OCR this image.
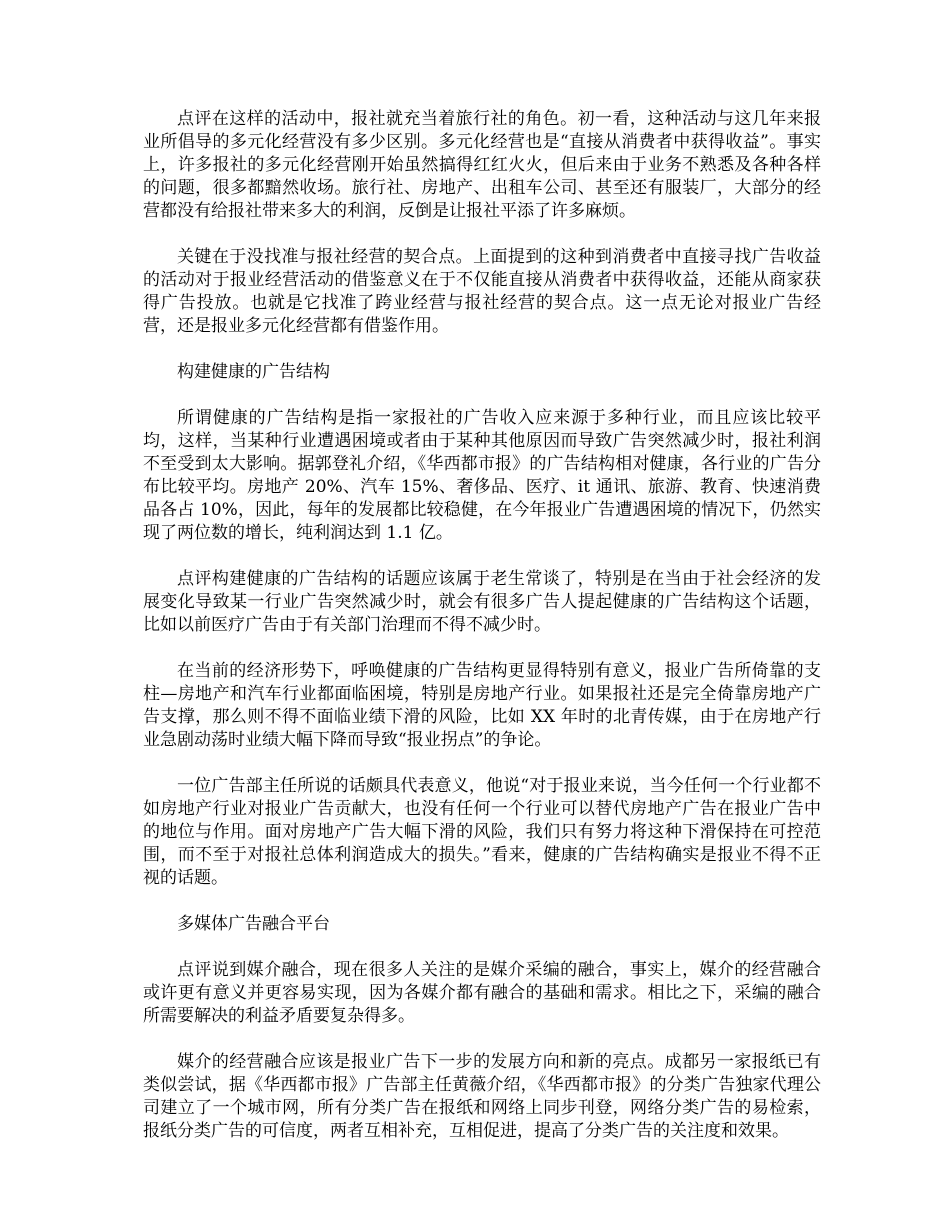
点评在这样的活动中，报社就充当着旅行社的角色。初一看，这种活动与这几年来报业所倡导的多元化经营没有多少区别。多元化经营也是“直接从消费者中获得收益”。事实上，许多报社的多元化经营刚开始虽然搞得红红火火，但后来由于业务不熟悉及各种各样的问题，很多都黯然收场。旅行社、房地产、出租车公司、甚至还有服装厂，大部分的经营都没有给报社带来多大的利润，反倒是让报社平添了许多麻烦。

关键在于没找准与报社经营的契合点。上面提到的这种到消费者中直接寻找广告收益的活动对于报业经营活动的借鉴意义在于不仅能直接从消费者中获得收益，还能从商家获得广告投放。也就是它找准了跨业经营与报社经营的契合点。这一点无论对报业广告经营，还是报业多元化经营都有借鉴作用。

构建健康的广告结构

所谓健康的广告结构是指一家报社的广告收入应来源于多种行业，而且应该比较平均，这样，当某种行业遭遇困境或者由于某种其他原因而导致广告突然减少时，报社利润不至受到太大影响。据郭登礼介绍，《华西都市报》的广告结构相对健康，各行业的广告分布比较平均。房地产 20%、汽车 15%、奢侈品、医疗、it 通讯、旅游、教育、快速消费品各占 10%，因此，每年的发展都比较稳健，在今年报业广告遭遇困境的情况下，仍然实现了两位数的增长，纯利润达到 1.1 亿。

点评构建健康的广告结构的话题应该属于老生常谈了，特别是在当由于社会经济的发展变化导致某一行业广告突然减少时，就会有很多广告人提起健康的广告结构这个话题，比如以前医疗广告由于有关部门治理而不得不减少时。

在当前的经济形势下，呼唤健康的广告结构更显得特别有意义，报业广告所倚靠的支柱—房地产和汽车行业都面临困境，特别是房地产行业。如果报社还是完全倚靠房地产广告支撑，那么则不得不面临业绩下滑的风险，比如 XX 年时的北青传媒，由于在房地产行业急剧动荡时业绩大幅下降而导致“报业拐点”的争论。

一位广告部主任所说的话颇具代表意义，他说“对于报业来说，当今任何一个行业都不如房地产行业对报业广告贡献大，也没有任何一个行业可以替代房地产广告在报业广告中的地位与作用。面对房地产广告大幅下滑的风险，我们只有努力将这种下滑保持在可控范围，而不至于对报社总体利润造成大的损失。”看来，健康的广告结构确实是报业不得不正视的话题。

多媒体广告融合平台

点评说到媒介融合，现在很多人关注的是媒介采编的融合，事实上，媒介的经营融合或许更有意义并更容易实现，因为各媒介都有融合的基础和需求。相比之下，采编的融合所需要解决的利益矛盾要复杂得多。

媒介的经营融合应该是报业广告下一步的发展方向和新的亮点。成都另一家报纸已有类似尝试，据《华西都市报》广告部主任黄薇介绍，《华西都市报》的分类广告独家代理公司建立了一个城市网，所有分类广告在报纸和网络上同步刊登，网络分类广告的易检索，报纸分类广告的可信度，两者互相补充，互相促进，提高了分类广告的关注度和效果。
